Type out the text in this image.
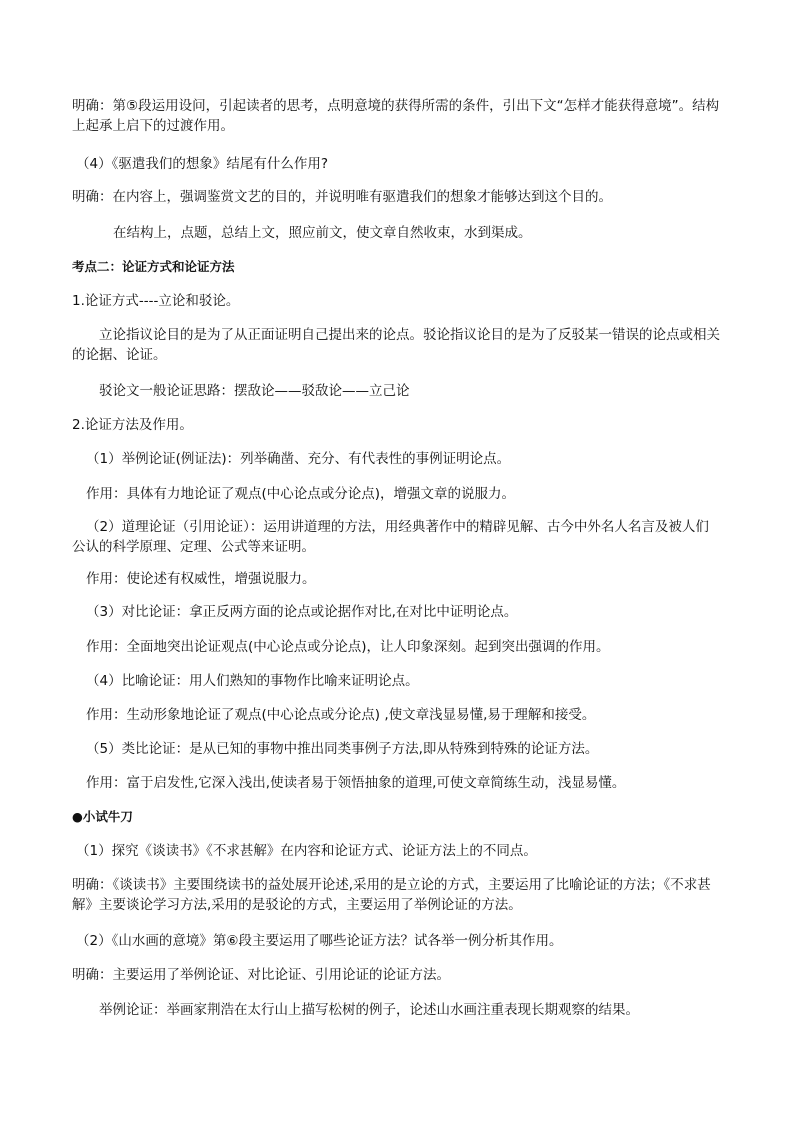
明确：第⑤段运用设问，引起读者的思考，点明意境的获得所需的条件，引出下文“怎样才能获得意境”。结构上起承上启下的过渡作用。

（4）《驱遣我们的想象》结尾有什么作用?

明确：在内容上，强调鉴赏文艺的目的，并说明唯有驱遣我们的想象才能够达到这个目的。

在结构上，点题，总结上文，照应前文，使文章自然收束，水到渠成。

考点二：论证方式和论证方法

1.论证方式----立论和驳论。

立论指议论目的是为了从正面证明自己提出来的论点。驳论指议论目的是为了反驳某一错误的论点或相关的论据、论证。

驳论文一般论证思路：摆敌论——驳敌论——立己论

2.论证方法及作用。

（1）举例论证(例证法)：列举确凿、充分、有代表性的事例证明论点。

作用：具体有力地论证了观点(中心论点或分论点)，增强文章的说服力。

（2）道理论证（引用论证）：运用讲道理的方法，用经典著作中的精辟见解、古今中外名人名言及被人们公认的科学原理、定理、公式等来证明。

作用：使论述有权威性，增强说服力。

（3）对比论证：拿正反两方面的论点或论据作对比,在对比中证明论点。

作用：全面地突出论证观点(中心论点或分论点)，让人印象深刻。起到突出强调的作用。

（4）比喻论证：用人们熟知的事物作比喻来证明论点。

作用：生动形象地论证了观点(中心论点或分论点) ,使文章浅显易懂,易于理解和接受。

（5）类比论证：是从已知的事物中推出同类事例子方法,即从特殊到特殊的论证方法。

作用：富于启发性,它深入浅出,使读者易于领悟抽象的道理,可使文章简练生动，浅显易懂。

●小试牛刀

（1）探究《谈读书》《不求甚解》在内容和论证方式、论证方法上的不同点。

明确：《谈读书》主要围绕读书的益处展开论述,采用的是立论的方式，主要运用了比喻论证的方法；《不求甚解》主要谈论学习方法,采用的是驳论的方式，主要运用了举例论证的方法。

（2）《山水画的意境》第⑥段主要运用了哪些论证方法？试各举一例分析其作用。

明确：主要运用了举例论证、对比论证、引用论证的论证方法。

举例论证：举画家荆浩在太行山上描写松树的例子，论述山水画注重表现长期观察的结果。
